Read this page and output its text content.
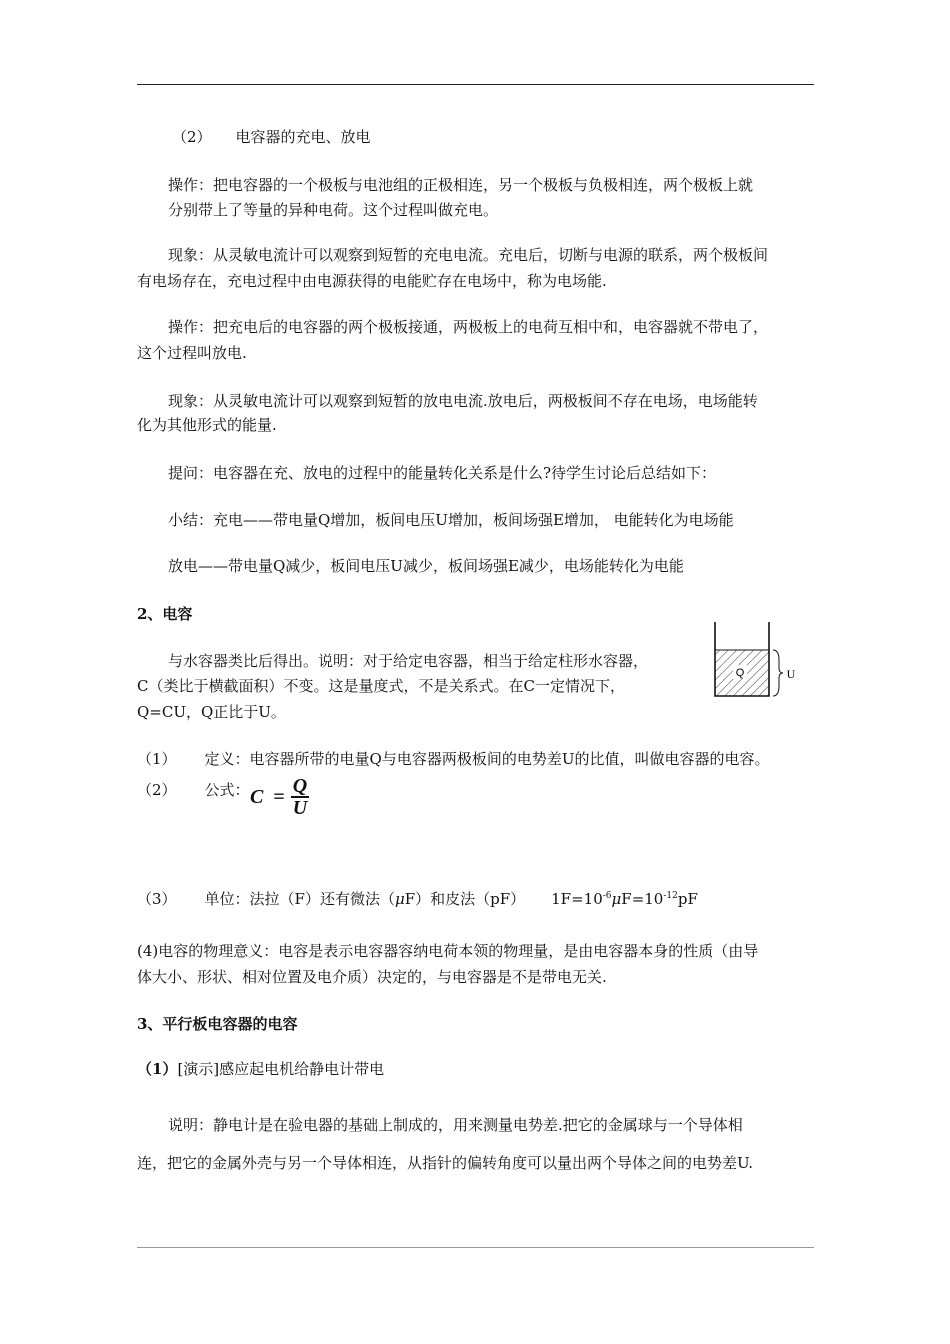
（2） 电容器的充电、放电
操作：把电容器的一个极板与电池组的正极相连，另一个极板与负极相连，两个极板上就
分别带上了等量的异种电荷。这个过程叫做充电。
现象：从灵敏电流计可以观察到短暂的充电电流。充电后，切断与电源的联系，两个极板间
有电场存在，充电过程中由电源获得的电能贮存在电场中，称为电场能.
操作：把充电后的电容器的两个极板接通，两极板上的电荷互相中和，电容器就不带电了，
这个过程叫放电.
现象：从灵敏电流计可以观察到短暂的放电电流.放电后，两极板间不存在电场，电场能转
化为其他形式的能量.
提问：电容器在充、放电的过程中的能量转化关系是什么?待学生讨论后总结如下：
小结：充电——带电量Q增加，板间电压U增加，板间场强E增加， 电能转化为电场能
放电——带电量Q减少，板间电压U减少，板间场强E减少，电场能转化为电能
2、电容
与水容器类比后得出。说明：对于给定电容器，相当于给定柱形水容器，
C（类比于横截面积）不变。这是量度式，不是关系式。在C一定情况下，
Q=CU，Q正比于U。
Q	U
（1） 定义：电容器所带的电量Q与电容器两极板间的电势差U的比值，叫做电容器的电容。
（2） 公式： $C = \frac{Q}{U}$
（3） 单位：法拉（F）还有微法（μF）和皮法（pF） $1F=10^{-6}\mu F=10^{-12}pF$
(4)电容的物理意义：电容是表示电容器容纳电荷本领的物理量，是由电容器本身的性质（由导
体大小、形状、相对位置及电介质）决定的，与电容器是不是带电无关.
3、平行板电容器的电容
（1）[演示]感应起电机给静电计带电
说明：静电计是在验电器的基础上制成的，用来测量电势差.把它的金属球与一个导体相
连，把它的金属外壳与另一个导体相连，从指针的偏转角度可以量出两个导体之间的电势差U.
